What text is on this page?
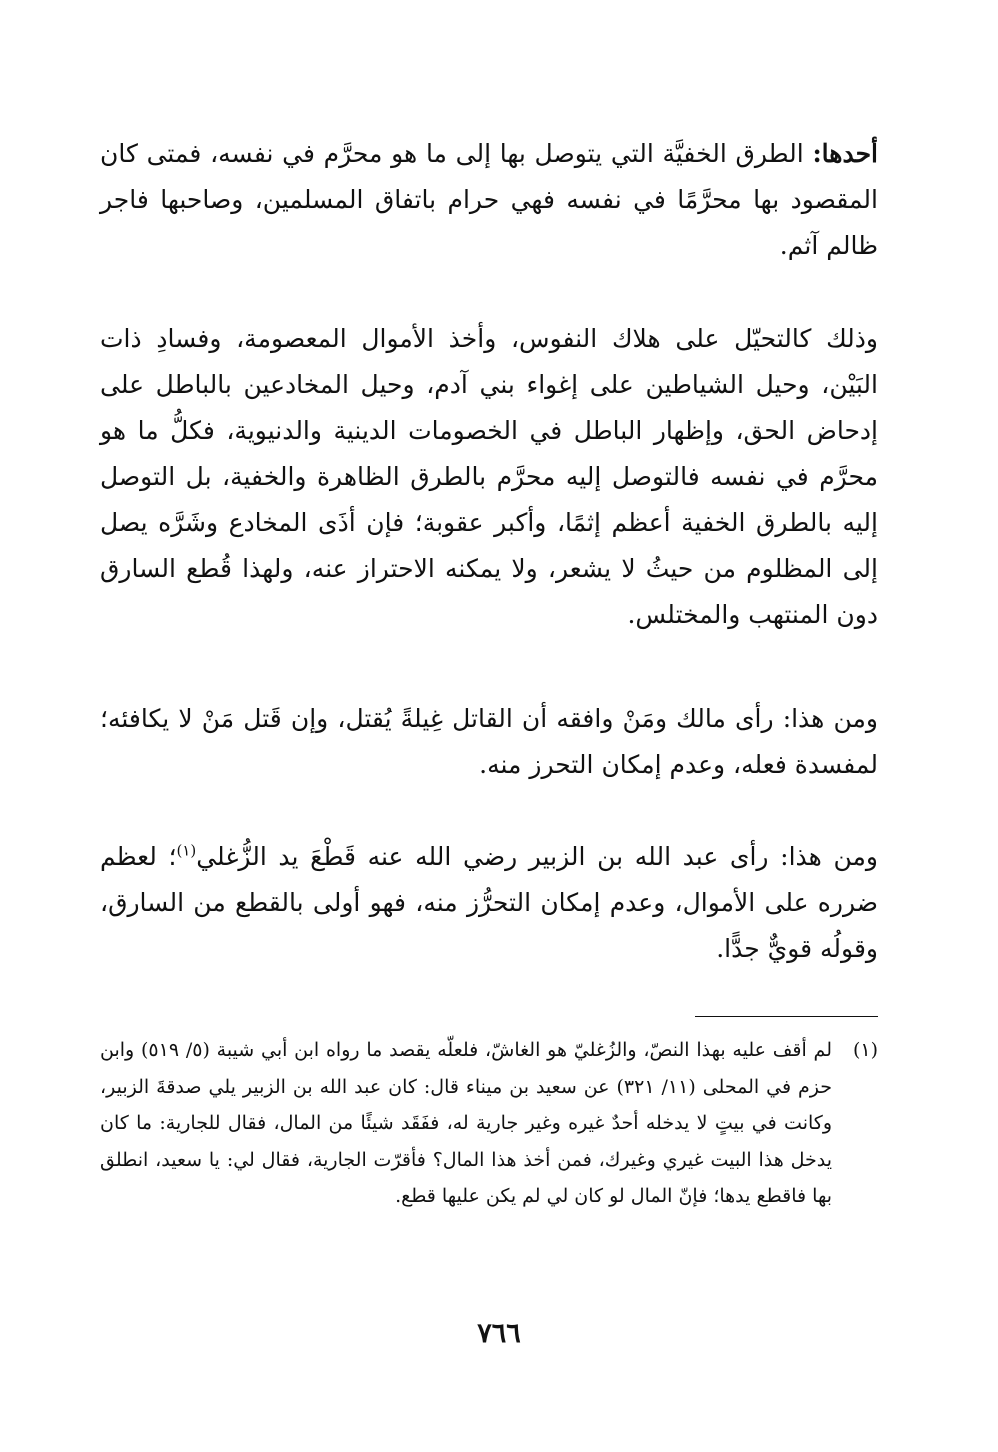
أحدها: الطرق الخفيَّة التي يتوصل بها إلى ما هو محرَّم في نفسه، فمتى كان المقصود بها محرَّمًا في نفسه فهي حرام باتفاق المسلمين، وصاحبها فاجر ظالم آثم.

وذلك كالتحيّل على هلاك النفوس، وأخذ الأموال المعصومة، وفسادِ ذات البَيْن، وحيل الشياطين على إغواء بني آدم، وحيل المخادعين بالباطل على إدحاض الحق، وإظهار الباطل في الخصومات الدينية والدنيوية، فكلُّ ما هو محرَّم في نفسه فالتوصل إليه محرَّم بالطرق الظاهرة والخفية، بل التوصل إليه بالطرق الخفية أعظم إثمًا، وأكبر عقوبة؛ فإن أذَى المخادع وشَرَّه يصل إلى المظلوم من حيثُ لا يشعر، ولا يمكنه الاحتراز عنه، ولهذا قُطع السارق دون المنتهب والمختلس.

ومن هذا: رأى مالك ومَنْ وافقه أن القاتل غِيلةً يُقتل، وإن قَتل مَنْ لا يكافئه؛ لمفسدة فعله، وعدم إمكان التحرز منه.

ومن هذا: رأى عبد الله بن الزبير رضي الله عنه قَطْعَ يد الزُّغلي$^{(١)}$؛ لعظم ضرره على الأموال، وعدم إمكان التحرُّز منه، فهو أولى بالقطع من السارق، وقولُه قويٌّ جدًّا.

(١)
لم أقف عليه بهذا النصّ، والزُغليّ هو الغاشّ، فلعلّه يقصد ما رواه ابن أبي شيبة (٥/ ٥١٩) وابن حزم في المحلى (١١/ ٣٢١) عن سعيد بن ميناء قال: كان عبد الله بن الزبير يلي صدقةَ الزبير، وكانت في بيتٍ لا يدخله أحدٌ غيره وغير جارية له، ففَقَد شيئًا من المال، فقال للجارية: ما كان يدخل هذا البيت غيري وغيرك، فمن أخذ هذا المال؟ فأقرّت الجارية، فقال لي: يا سعيد، انطلق بها فاقطع يدها؛ فإنّ المال لو كان لي لم يكن عليها قطع.
٧٦٦
